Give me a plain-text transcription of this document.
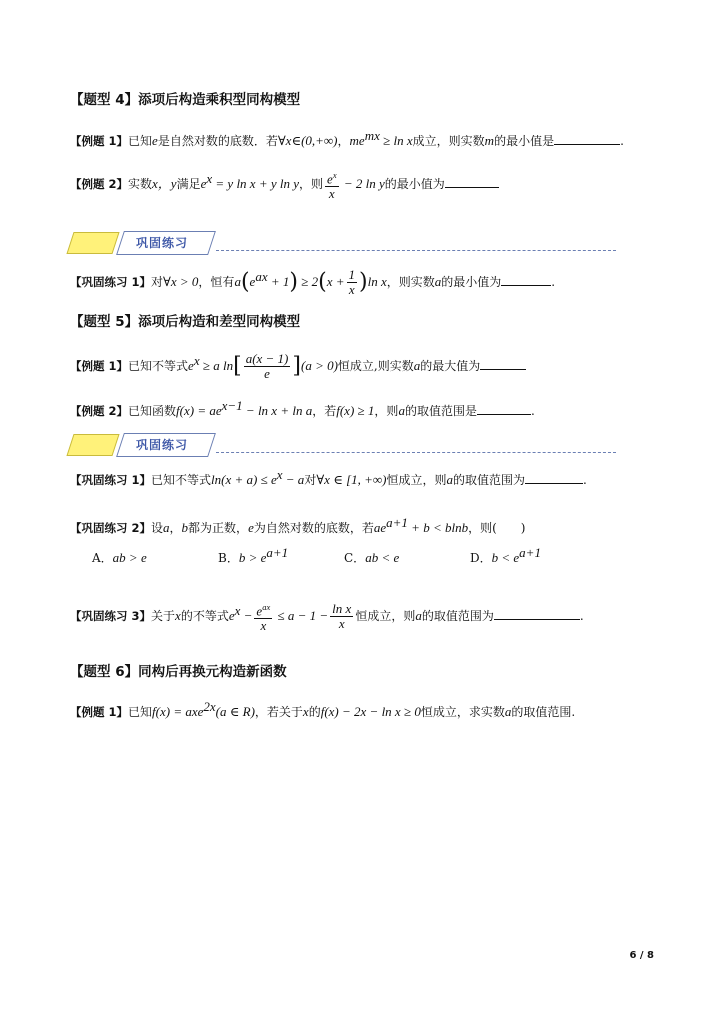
【题型 4】添项后构造乘积型同构模型
【例题 1】已知e是自然对数的底数．若∀x∈(0,+∞)，$me^{mx} \ge \ln x$成立，则实数m的最小值是	.
【例题 2】实数x，y满足$e^x = y$ ln x + y ln y，则 $\frac{e^x}{x} - 2$ ln y的最小值为
巩固练习
【巩固练习 1】对∀x > 0，恒有$a(e^{ax} + 1) \ge 2(x + \frac{1}{x} )\ln$ x，则实数a的最小值为	.
【题型 5】添项后构造和差型同构模型
【例题 1】已知不等式$e^x \ge a$ $\ln[ \frac{a(x - 1)}{e} ](a > 0)$恒成立,则实数a的最大值为
【例题 2】已知函数$f(x) = ae^{x-1} - \ln x + \ln a$，若f(x) ≥ 1，则a的取值范围是	.
巩固练习
【巩固练习 1】已知不等式$\ln(x + a) \le e^x - a$对∀x ∈ [1, +∞)恒成立，则a的取值范围为	.
【巩固练习 2】设a，b都为正数，e为自然对数的底数，若$ae^{a+1} + b < blnb$，则(　　)
A．ab > e	B．$b > e^{a+1}$	C．ab < e	D．$b < e^{a+1}$
【巩固练习 3】关于x的不等式$e^x - \frac{e^{ax}}{x} \le a - 1 - \frac{\text{ln x}}{x}$ 恒成立，则a的取值范围为	.
【题型 6】同构后再换元构造新函数
【例题 1】已知f(x) = axe$^{2x}$(a ∈ R)，若关于x的f(x) − 2x − ln x ≥ 0恒成立，求实数a的取值范围.
6 / 8
